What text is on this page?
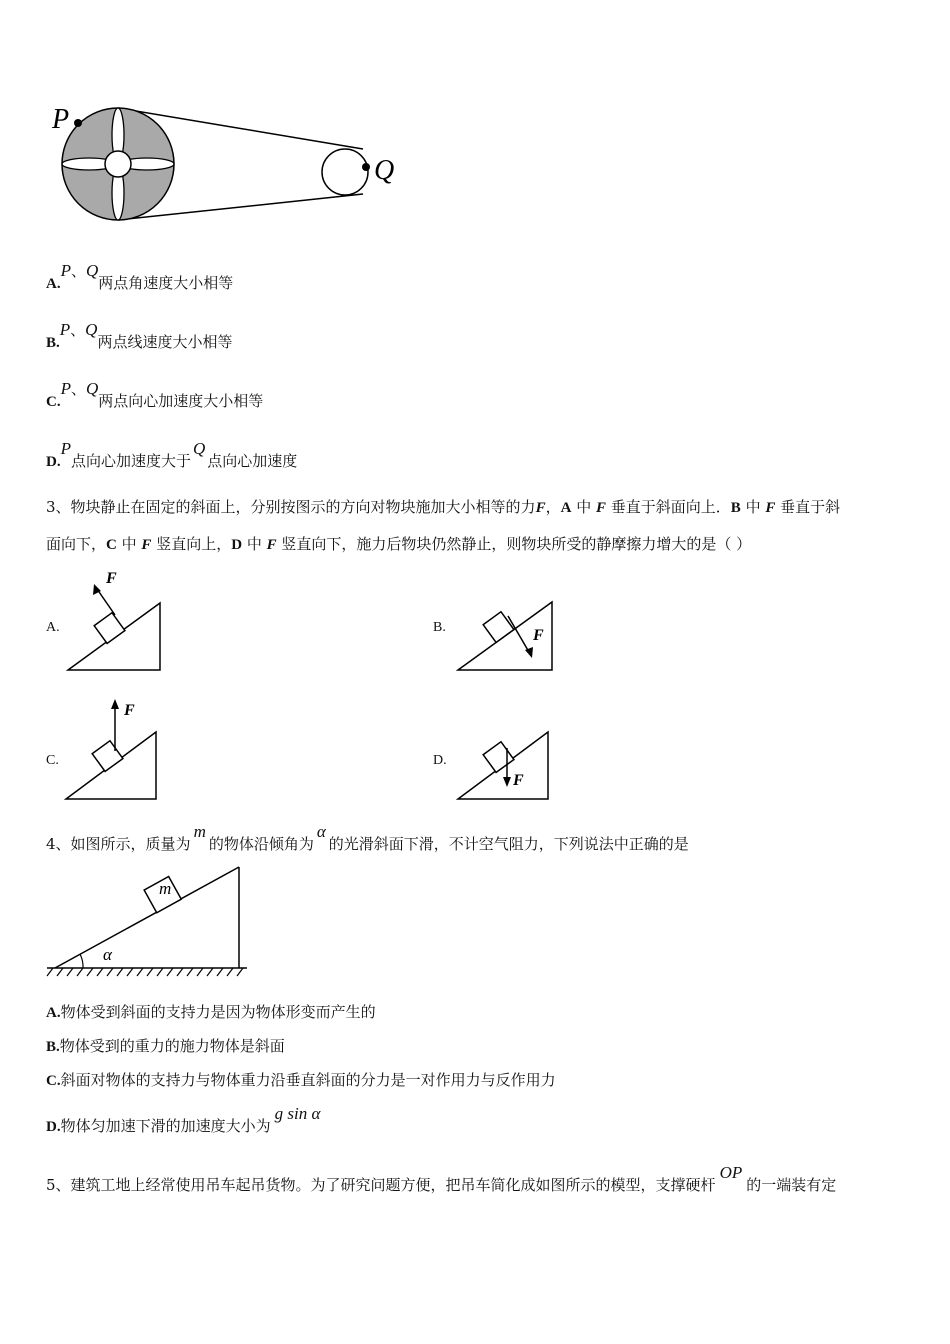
P
Q
A.P、Q两点角速度大小相等
B.P、Q两点线速度大小相等
C.P、Q两点向心加速度大小相等
D.P点向心加速度大于Q点向心加速度
3、物块静止在固定的斜面上，分别按图示的方向对物块施加大小相等的力F，A 中 F 垂直于斜面向上．B 中 F 垂直于斜
面向下，C 中 F 竖直向上，D 中 F 竖直向下，施力后物块仍然静止，则物块所受的静摩擦力增大的是（ ）
A.
F
B.	F
C.
F
D.
F
4、如图所示，质量为m的物体沿倾角为α的光滑斜面下滑，不计空气阻力，下列说法中正确的是
m
α
A.物体受到斜面的支持力是因为物体形变而产生的
B.物体受到的重力的施力物体是斜面
C.斜面对物体的支持力与物体重力沿垂直斜面的分力是一对作用力与反作用力
D.物体匀加速下滑的加速度大小为g sin α
5、建筑工地上经常使用吊车起吊货物。为了研究问题方便，把吊车简化成如图所示的模型，支撑硬杆OP的一端装有定
